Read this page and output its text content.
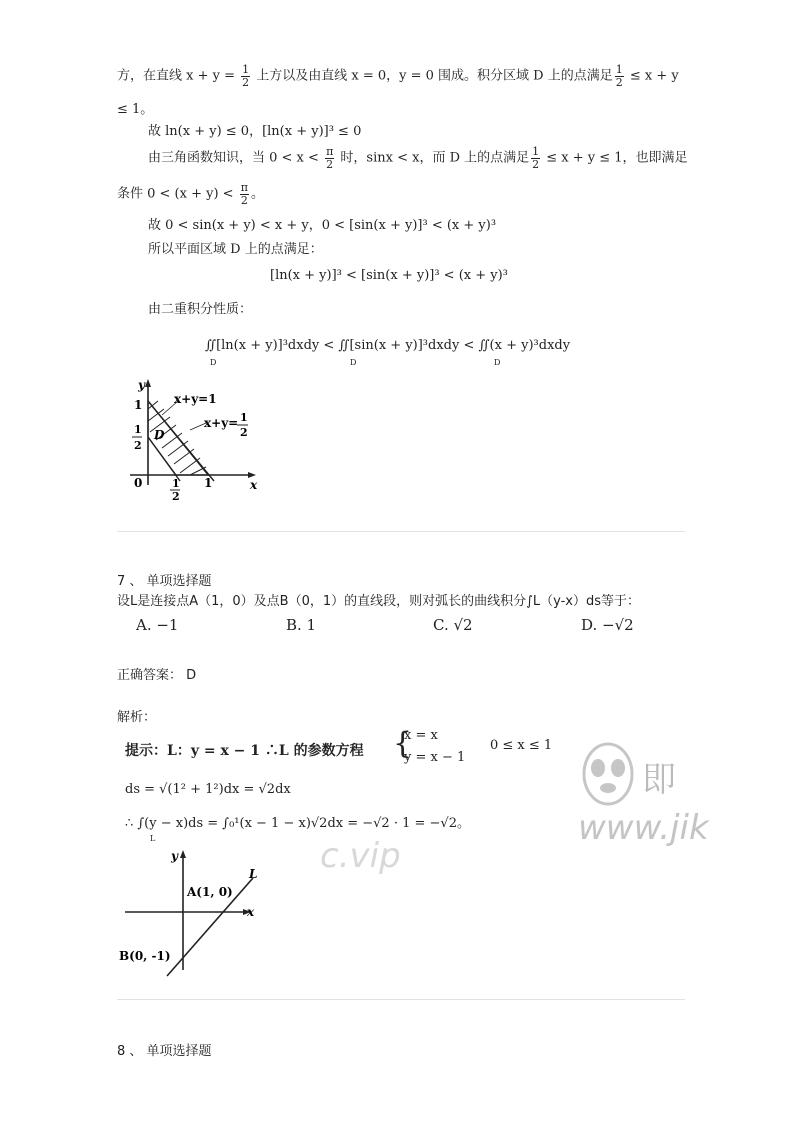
方，在直线 $x + y = \frac{1}{2}$ 上方以及由直线 x = 0，y = 0 围成。积分区域 D 上的点满足 $\frac{1}{2} \le x + y$
≤ 1。
故 ln(x + y) ≤ 0，[ln(x + y)]³ ≤ 0
由三角函数知识，当 $0 < x < \frac{\pi}{2}$ 时，sinx < x，而 D 上的点满足 $\frac{1}{2} \le x + y \le 1$，也即满足
条件 $0 < (x + y) < \frac{\pi}{2}$ 。
故 0 < sin(x + y) < x + y，0 < [sin(x + y)]³ < (x + y)³
所以平面区域 D 上的点满足：
[ln(x + y)]³ < [sin(x + y)]³ < (x + y)³
由二重积分性质：
∬[ln(x + y)]³dxdy < ∬[sin(x + y)]³dxdy < ∬(x + y)³dxdy
D	D	D
y
x
1
1
2
0	1
2
1
D
x+y=1
x+y= 1
2
7 、 单项选择题
设L是连接点A（1，0）及点B（0，1）的直线段，则对弧长的曲线积分∫L（y-x）ds等于：
A. −1	B. 1	C. √2	D. −√2
正确答案： D
解析：
提示：L：y = x − 1 ∴L 的参数方程 {
x = x
y = x − 1
0 ≤ x ≤ 1
ds = √(1² + 1²)dx = √2dx
∴ ∫(y − x)ds = ∫₀¹(x − 1 − x)√2dx = −√2 · 1 = −√2。
L
y
x
A(1, 0)
B(0, -1)
L
即
www.jik
c.vip
8 、 单项选择题
